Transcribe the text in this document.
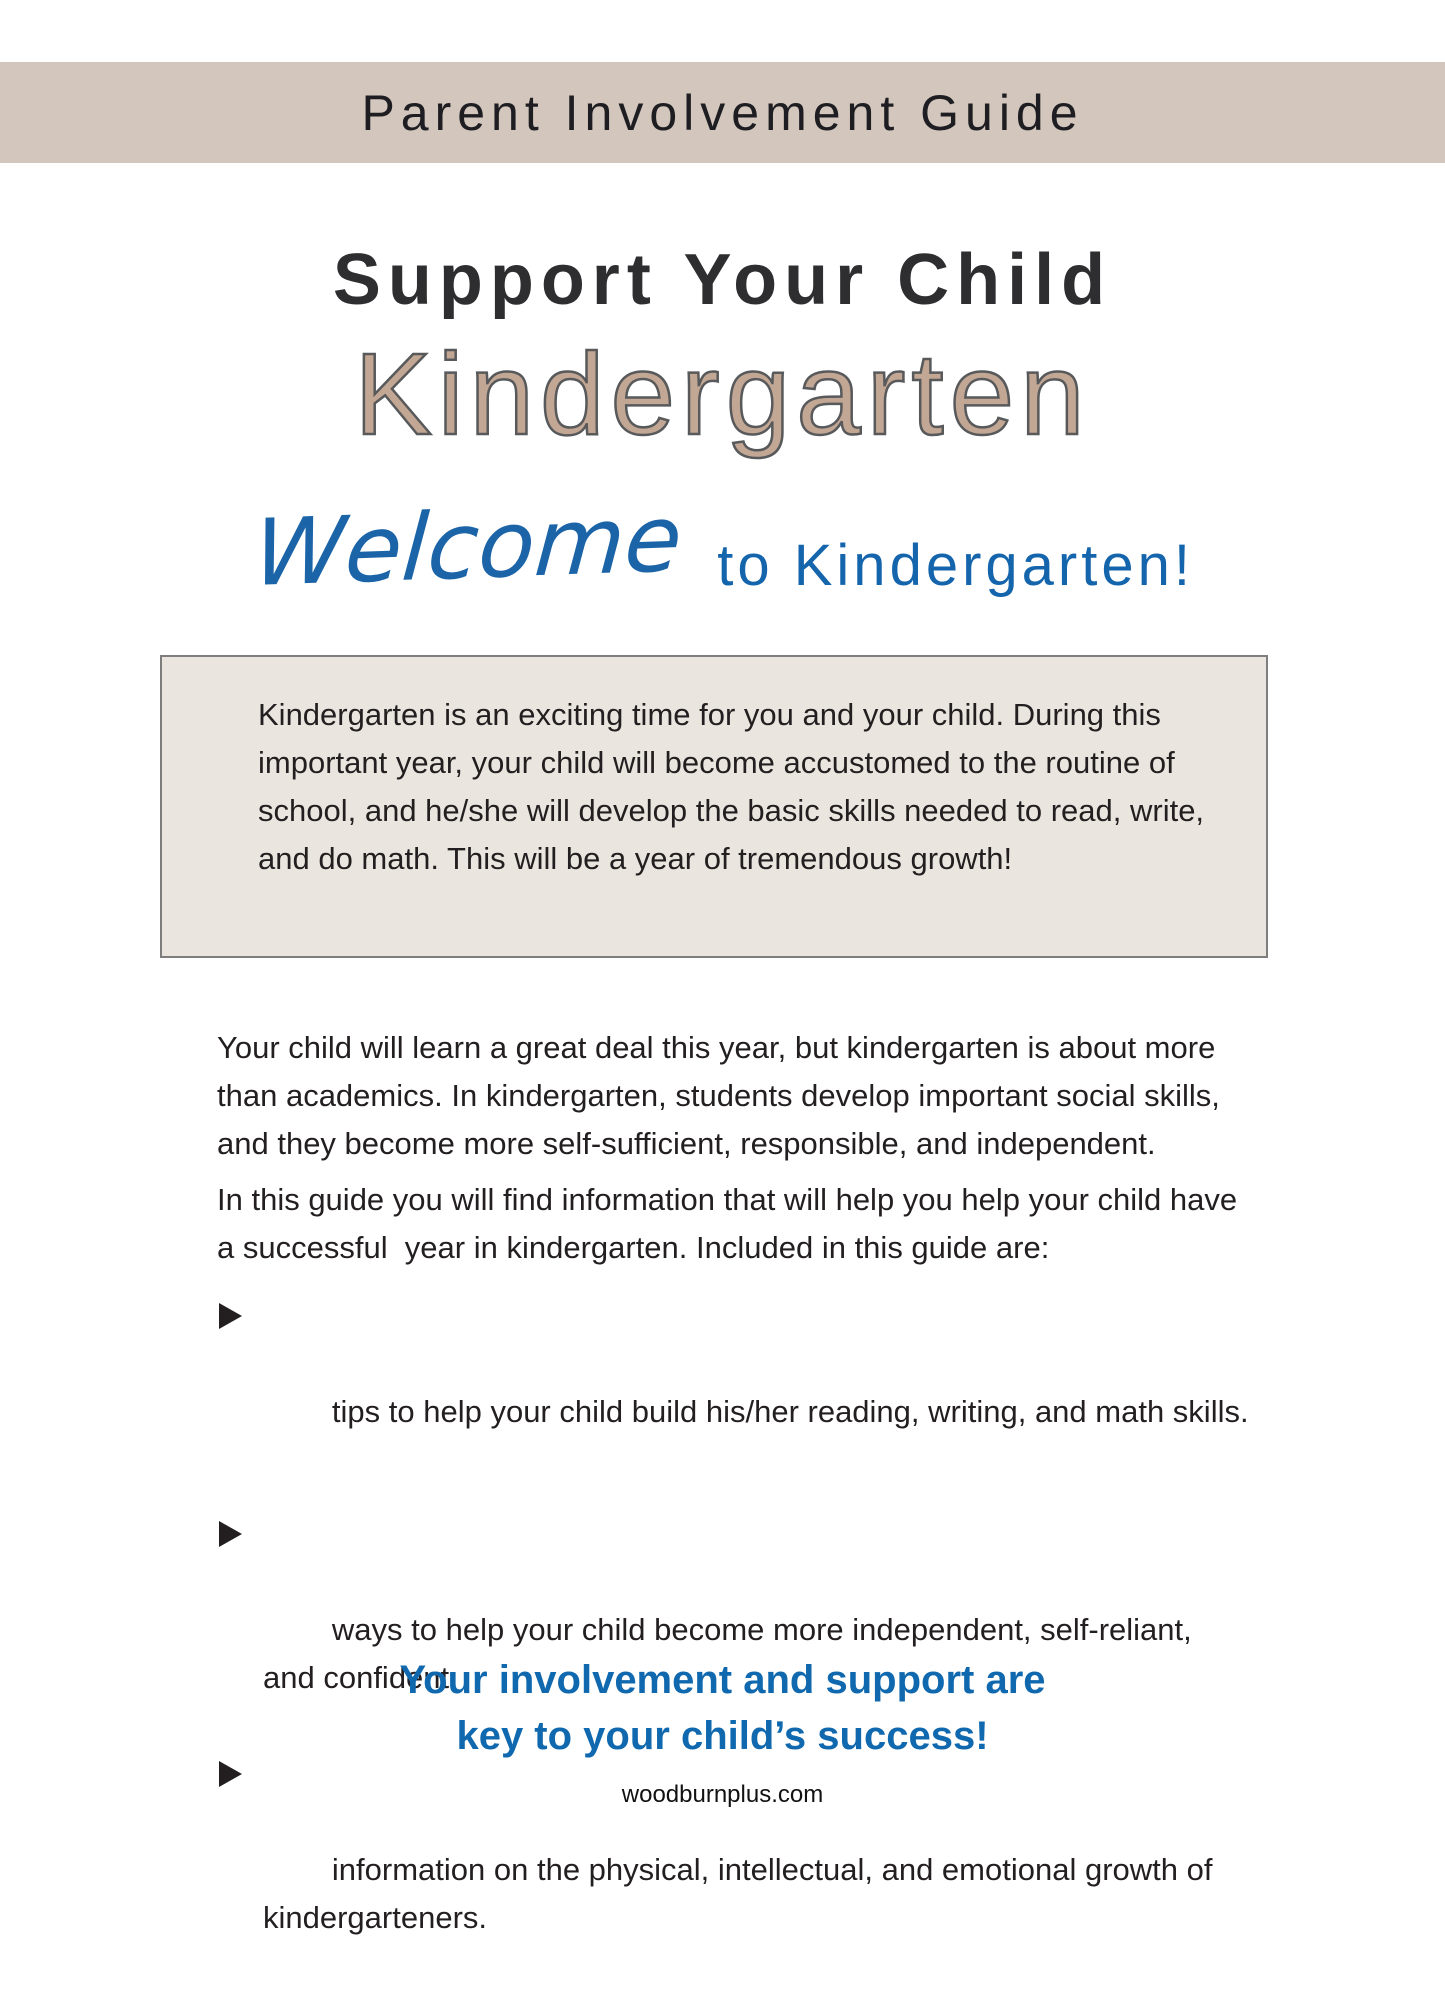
Parent Involvement Guide
Support Your Child
Kindergarten
Welcome to Kindergarten!

Kindergarten is an exciting time for you and your child. During this important year, your child will become accustomed to the routine of school, and he/she will develop the basic skills needed to read, write, and do math. This will be a year of tremendous growth!

Your child will learn a great deal this year, but kindergarten is about more than academics. In kindergarten, students develop important social skills, and they become more self-sufficient, responsible, and independent.

In this guide you will find information that will help you help your child have a successful  year in kindergarten. Included in this guide are:

tips to help your child build his/her reading, writing, and math skills.

ways to help your child become more independent, self-reliant, and confident.

information on the physical, intellectual, and emotional growth of kindergarteners.

Your involvement and support are
key to your child’s success!
woodburnplus.com
